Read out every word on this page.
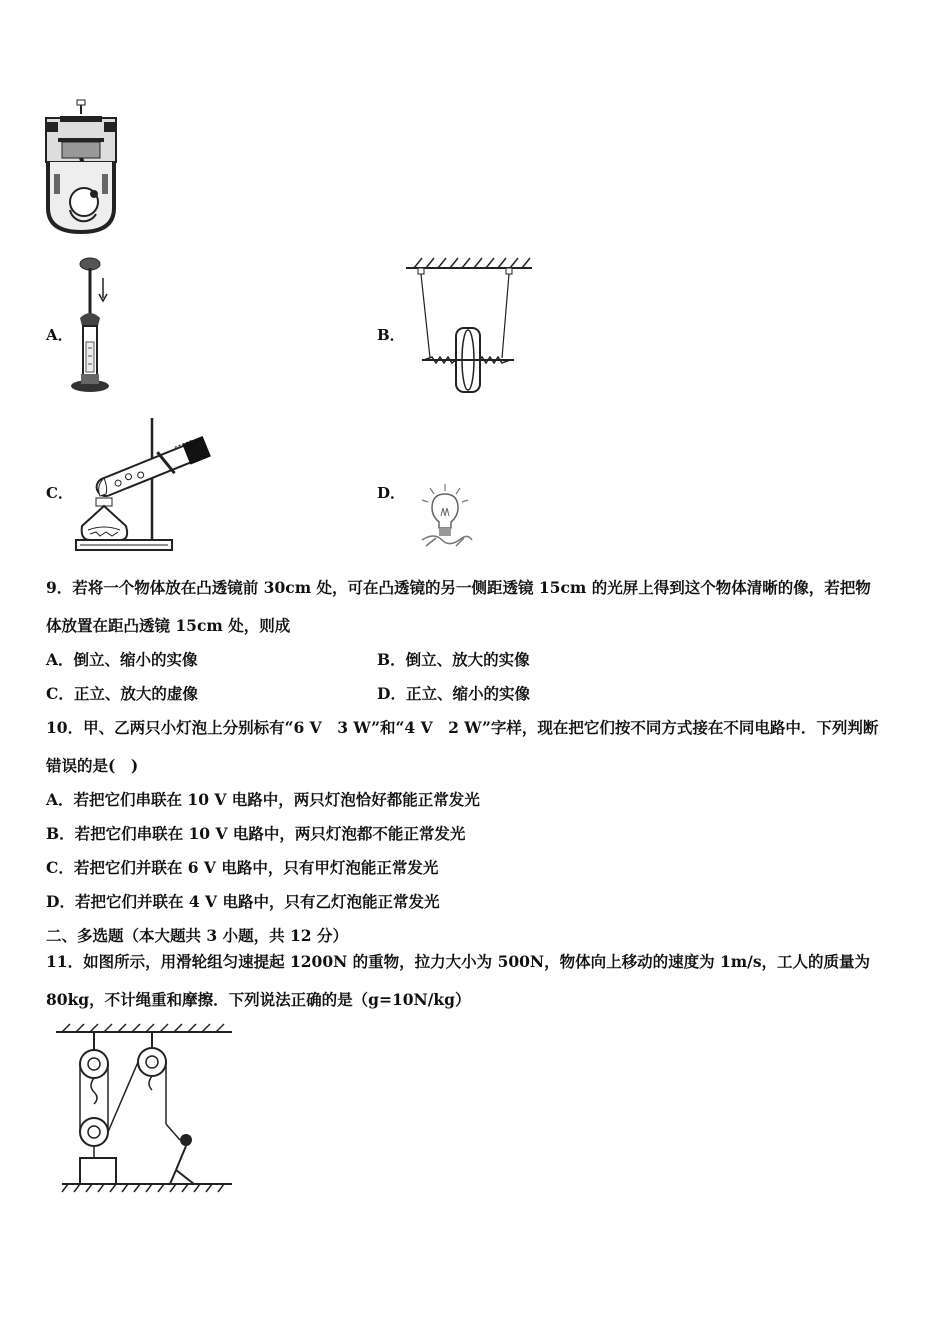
A．	B．
C．	D．
9．若将一个物体放在凸透镜前 30cm 处，可在凸透镜的另一侧距透镜 15cm 的光屏上得到这个物体清晰的像，若把物
体放置在距凸透镜 15cm 处，则成
A．倒立、缩小的实像	B．倒立、放大的实像
C．正立、放大的虚像	D．正立、缩小的实像
10．甲、乙两只小灯泡上分别标有“6 V　3 W”和“4 V　2 W”字样，现在把它们按不同方式接在不同电路中．下列判断
错误的是(　)
A．若把它们串联在 10 V 电路中，两只灯泡恰好都能正常发光
B．若把它们串联在 10 V 电路中，两只灯泡都不能正常发光
C．若把它们并联在 6 V 电路中，只有甲灯泡能正常发光
D．若把它们并联在 4 V 电路中，只有乙灯泡能正常发光
二、多选题（本大题共 3 小题，共 12 分）
11．如图所示，用滑轮组匀速提起 1200N 的重物，拉力大小为 500N，物体向上移动的速度为 1m/s，工人的质量为
80kg，不计绳重和摩擦．下列说法正确的是（g=10N/kg）
